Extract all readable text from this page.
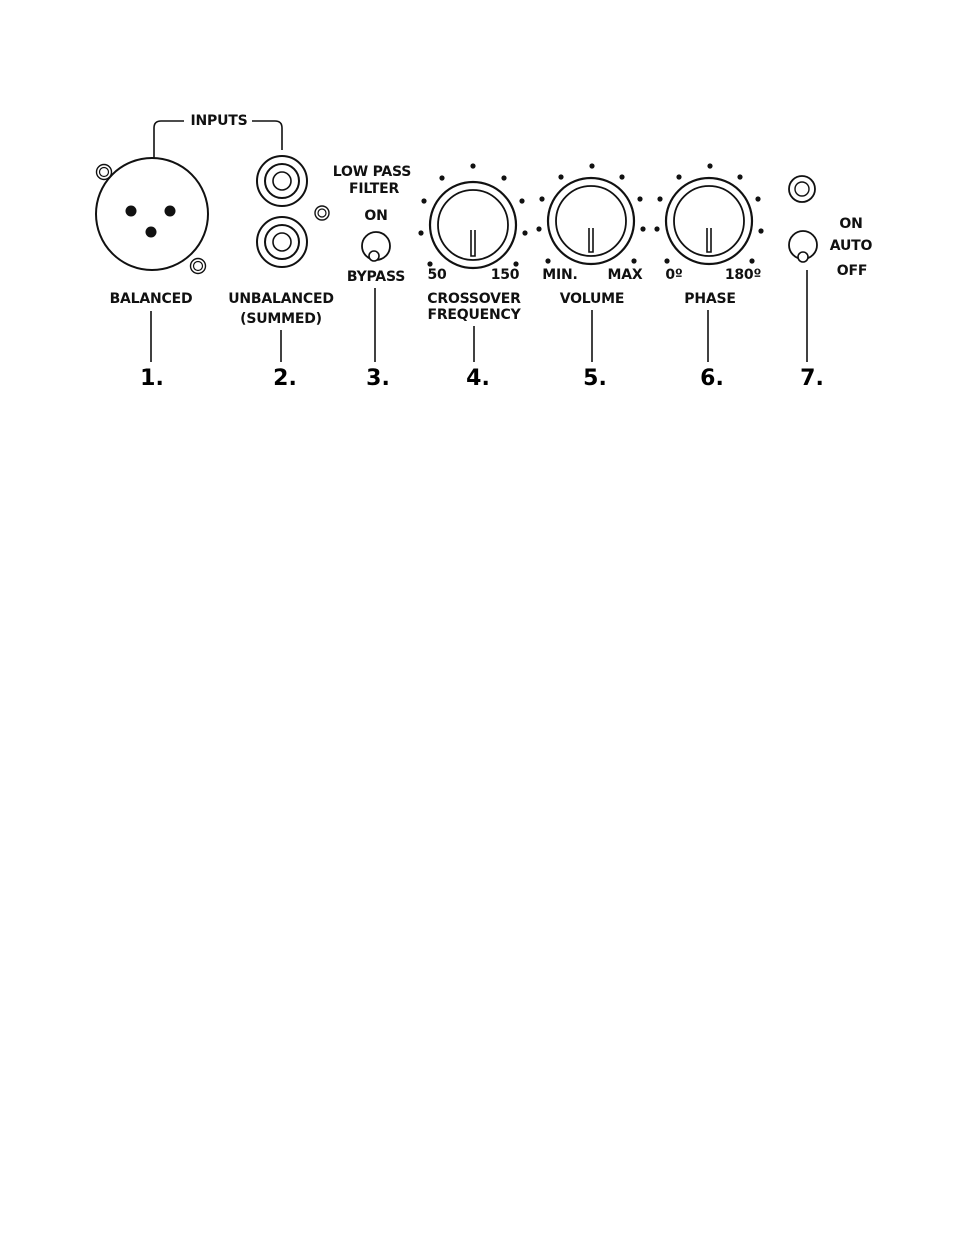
INPUTS
LOW PASS
FILTER
ON
BYPASS 50	150 MIN. MAX 0º	180º
ON
AUTO
OFF
BALANCED	UNBALANCED
(SUMMED)
CROSSOVER
FREQUENCY
VOLUME	PHASE
1.	2.	3.	4.	5.	6.	7.
